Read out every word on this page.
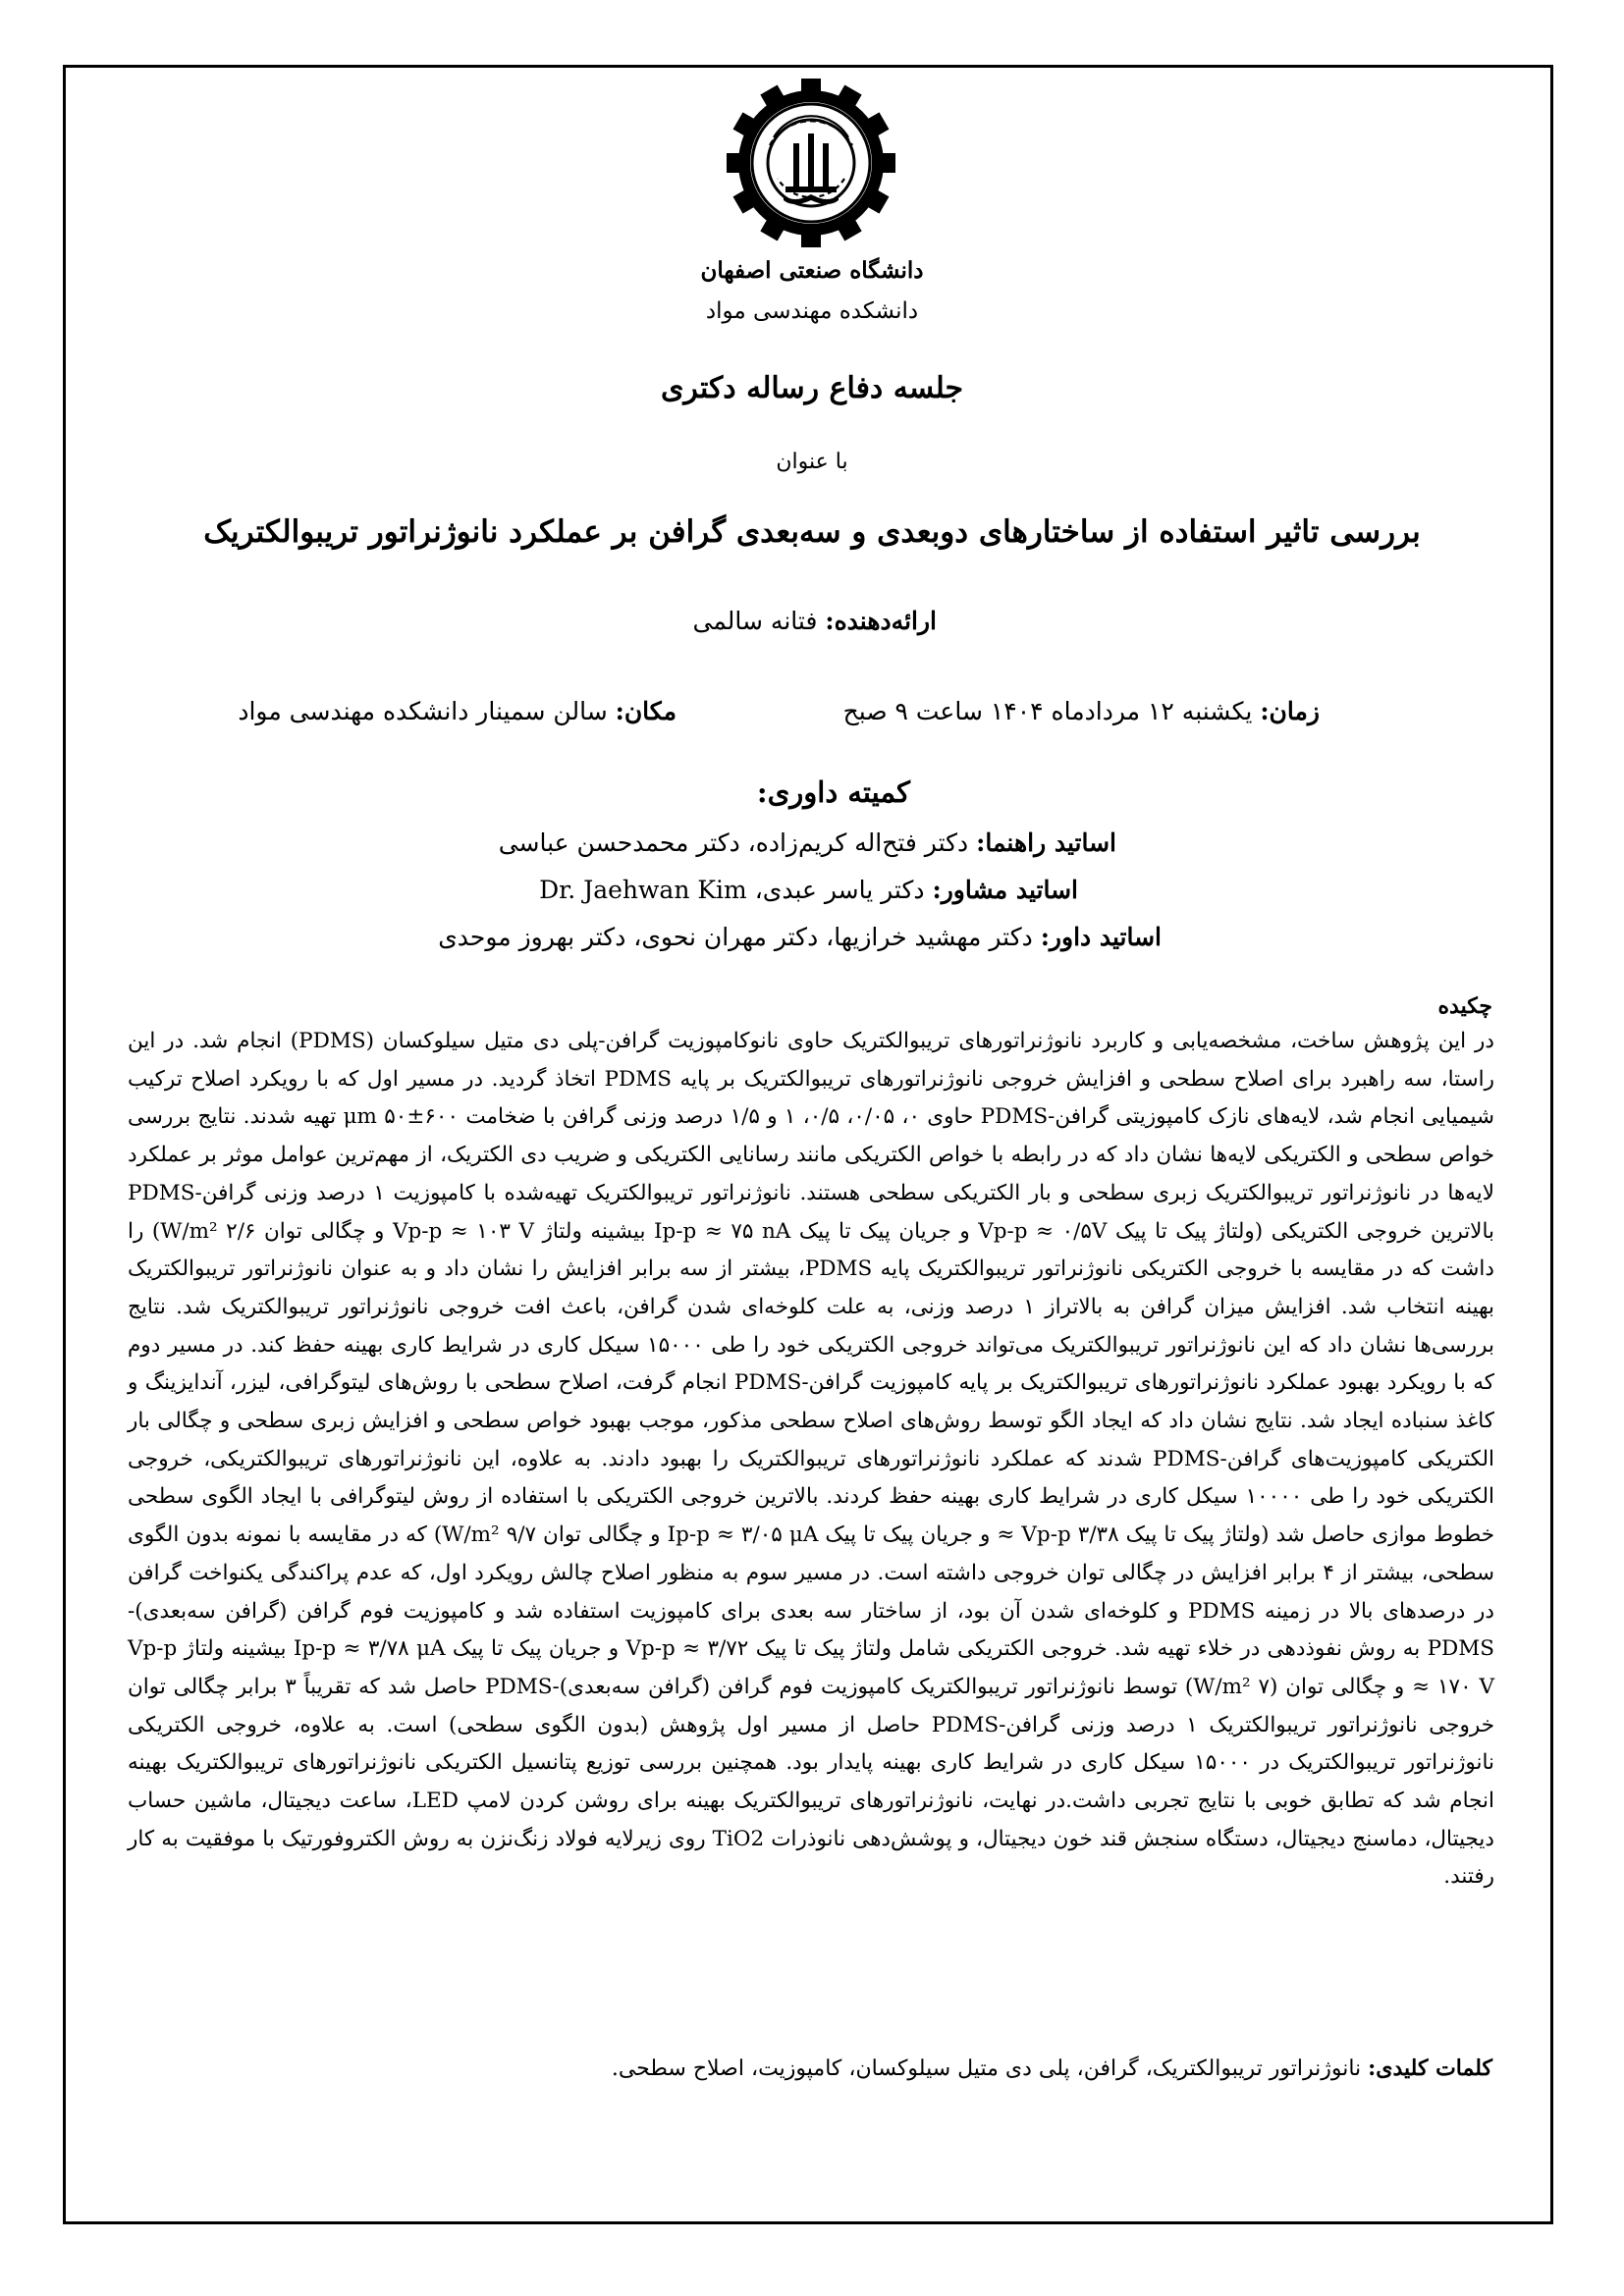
دانشگاه صنعتی اصفهان
دانشکده مهندسی مواد
جلسه دفاع رساله دکتری
با عنوان
بررسی تاثیر استفاده از ساختارهای دوبعدی و سه‌بعدی گرافن بر عملکرد نانوژنراتور تریبوالکتریک
ارائه‌دهنده: فتانه سالمی
زمان: یکشنبه ۱۲ مردادماه ۱۴۰۴ ساعت ۹ صبح
مکان: سالن سمینار دانشکده مهندسی مواد
کمیته داوری:
اساتید راهنما: دکتر فتح‌اله کریم‌زاده، دکتر محمدحسن عباسی
اساتید مشاور: دکتر یاسر عبدی، Dr. Jaehwan Kim
اساتید داور: دکتر مهشید خرازیها، دکتر مهران نحوی، دکتر بهروز موحدی
چکیده
در این پژوهش ساخت، مشخصه‌یابی و کاربرد نانوژنراتورهای تریبوالکتریک حاوی نانوکامپوزیت گرافن-پلی دی متیل سیلوکسان (PDMS) انجام شد. در این راستا، سه راهبرد برای اصلاح سطحی و افزایش خروجی نانوژنراتورهای تریبوالکتریک بر پایه PDMS اتخاذ گردید. در مسیر اول که با رویکرد اصلاح ترکیب شیمیایی انجام شد، لایه‌های نازک کامپوزیتی گرافن-PDMS حاوی ۰، ۰/۰۵، ۰/۵، ۱ و ۱/۵ درصد وزنی گرافن با ضخامت ۶۰۰±۵۰ μm تهیه شدند. نتایج بررسی خواص سطحی و الکتریکی لایه‌ها نشان داد که در رابطه با خواص الکتریکی مانند رسانایی الکتریکی و ضریب دی الکتریک، از مهم‌ترین عوامل موثر بر عملکرد لایه‌ها در نانوژنراتور تریبوالکتریک زبری سطحی و بار الکتریکی سطحی هستند. نانوژنراتور تریبوالکتریک تهیه‌شده با کامپوزیت ۱ درصد وزنی گرافن-PDMS بالاترین خروجی الکتریکی (ولتاژ پیک تا پیک Vp-p ≈ ۰/۵V و جریان پیک تا پیک Ip-p ≈ ۷۵ nA بیشینه ولتاژ Vp-p ≈ ۱۰۳ V و چگالی توان ۲/۶ W/m²) را داشت که در مقایسه با خروجی الکتریکی نانوژنراتور تریبوالکتریک پایه PDMS، بیشتر از سه برابر افزایش را نشان داد و به عنوان نانوژنراتور تریبوالکتریک بهینه انتخاب شد. افزایش میزان گرافن به بالاتراز ۱ درصد وزنی، به علت کلوخه‌ای شدن گرافن، باعث افت خروجی نانوژنراتور تریبوالکتریک شد. نتایج بررسی‌ها نشان داد که این نانوژنراتور تریبوالکتریک می‌تواند خروجی الکتریکی خود را طی ۱۵۰۰۰ سیکل کاری در شرایط کاری بهینه حفظ کند. در مسیر دوم که با رویکرد بهبود عملکرد نانوژنراتورهای تریبوالکتریک بر پایه کامپوزیت گرافن-PDMS انجام گرفت، اصلاح سطحی با روش‌های لیتوگرافی، لیزر، آندایزینگ و کاغذ سنباده ایجاد شد. نتایج نشان داد که ایجاد الگو توسط روش‌های اصلاح سطحی مذکور، موجب بهبود خواص سطحی و افزایش زبری سطحی و چگالی بار الکتریکی کامپوزیت‌های گرافن-PDMS شدند که عملکرد نانوژنراتورهای تریبوالکتریک را بهبود دادند. به علاوه، این نانوژنراتورهای تریبوالکتریکی، خروجی الکتریکی خود را طی ۱۰۰۰۰ سیکل کاری در شرایط کاری بهینه حفظ کردند. بالاترین خروجی الکتریکی با استفاده از روش لیتوگرافی با ایجاد الگوی سطحی خطوط موازی حاصل شد (ولتاژ پیک تا پیک ۳/۳۸ Vp-p ≈ و جریان پیک تا پیک Ip-p ≈ ۳/۰۵ μA و چگالی توان ۹/۷ W/m²) که در مقایسه با نمونه بدون الگوی سطحی، بیشتر از ۴ برابر افزایش در چگالی توان خروجی داشته است. در مسیر سوم به منظور اصلاح چالش رویکرد اول، که عدم پراکندگی یکنواخت گرافن در درصدهای بالا در زمینه PDMS و کلوخه‌ای شدن آن بود، از ساختار سه بعدی برای کامپوزیت استفاده شد و کامپوزیت فوم گرافن (گرافن سه‌بعدی)-PDMS به روش نفوذدهی در خلاء تهیه شد. خروجی الکتریکی شامل ولتاژ پیک تا پیک Vp-p ≈ ۳/۷۲ و جریان پیک تا پیک Ip-p ≈ ۳/۷۸ μA بیشینه ولتاژ Vp-p ≈ ۱۷۰ V و چگالی توان (۷ W/m²) توسط نانوژنراتور تریبوالکتریک کامپوزیت فوم گرافن (گرافن سه‌بعدی)-PDMS حاصل شد که تقریباً ۳ برابر چگالی توان خروجی نانوژنراتور تریبوالکتریک ۱ درصد وزنی گرافن-PDMS حاصل از مسیر اول پژوهش (بدون الگوی سطحی) است. به علاوه، خروجی الکتریکی نانوژنراتور تریبوالکتریک در ۱۵۰۰۰ سیکل کاری در شرایط کاری بهینه پایدار بود. همچنین بررسی توزیع پتانسیل الکتریکی نانوژنراتورهای تریبوالکتریک بهینه انجام شد که تطابق خوبی با نتایج تجربی داشت.در نهایت، نانوژنراتورهای تریبوالکتریک بهینه برای روشن کردن لامپ LED، ساعت دیجیتال، ماشین حساب دیجیتال، دماسنج دیجیتال، دستگاه سنجش قند خون دیجیتال، و پوشش‌دهی نانوذرات TiO2 روی زیرلایه فولاد زنگ‌نزن به روش الکتروفورتیک با موفقیت به کار رفتند.
کلمات کلیدی: نانوژنراتور تریبوالکتریک، گرافن، پلی دی متیل سیلوکسان، کامپوزیت، اصلاح سطحی.
